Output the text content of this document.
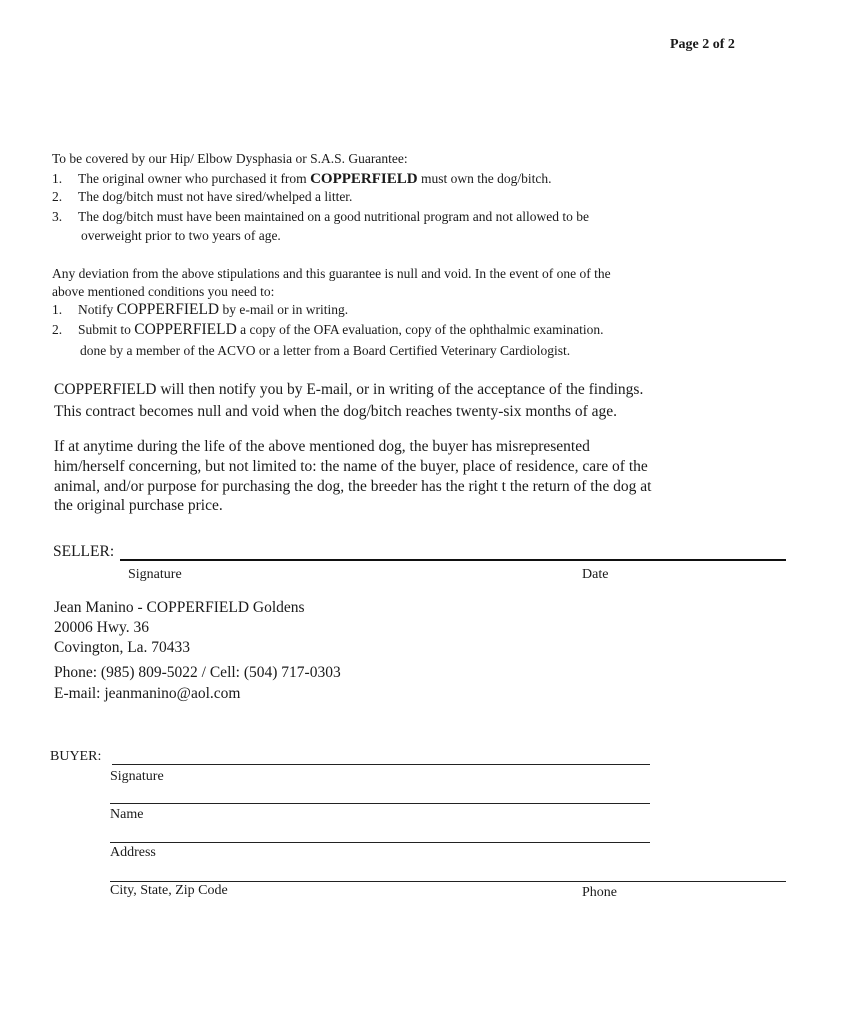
Page 2 of 2
To be covered by our Hip/ Elbow Dysphasia or S.A.S. Guarantee:
1. The original owner who purchased it from COPPERFIELD must own the dog/bitch.
2. The dog/bitch must not have sired/whelped a litter.
3. The dog/bitch must have been maintained on a good nutritional program and not allowed to be
overweight prior to two years of age.
Any deviation from the above stipulations and this guarantee is null and void. In the event of one of the
above mentioned conditions you need to:
1. Notify COPPERFIELD by e-mail or in writing.
2. Submit to COPPERFIELD a copy of the OFA evaluation, copy of the ophthalmic examination.
done by a member of the ACVO or a letter from a Board Certified Veterinary Cardiologist.
COPPERFIELD will then notify you by E-mail, or in writing of the acceptance of the findings.
This contract becomes null and void when the dog/bitch reaches twenty-six months of age.
If at anytime during the life of the above mentioned dog, the buyer has misrepresented
him/herself concerning, but not limited to: the name of the buyer, place of residence, care of the
animal, and/or purpose for purchasing the dog, the breeder has the right t the return of the dog at
the original purchase price.
SELLER:
Signature	Date
Jean Manino - COPPERFIELD Goldens
20006 Hwy. 36
Covington, La. 70433
Phone: (985) 809-5022 / Cell: (504) 717-0303
E-mail: jeanmanino@aol.com
BUYER:
Signature
Name
Address
City, State, Zip Code	Phone
